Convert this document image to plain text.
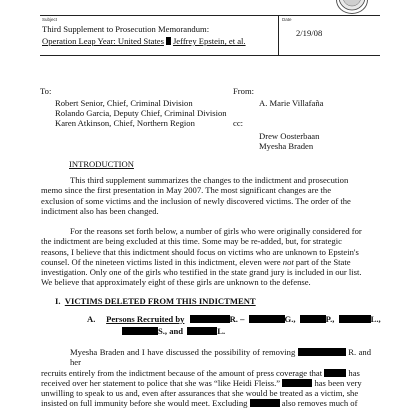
Subject
Third Supplement to Prosecution Memorandum:
Operation Leap Year: United States Jeffrey Epstein, et al.
Date
2/19/08
To:
Robert Senior, Chief, Criminal Division
Rolando Garcia, Deputy Chief, Criminal Division
Karen Atkinson, Chief, Northern Region
From:
A. Marie Villafaña
cc:
Drew Oosterbaan
Myesha Braden
INTRODUCTION
This third supplement summarizes the changes to the indictment and prosecution
memo since the first presentation in May 2007. The most significant changes are the
exclusion of some victims and the inclusion of newly discovered victims. The order of the
indictment also has been changed.
For the reasons set forth below, a number of girls who were originally considered for
the indictment are being excluded at this time. Some may be re-added, but, for strategic
reasons, I believe that this indictment should focus on victims who are unknown to Epstein's
counsel. Of the nineteen victims listed in this indictment, eleven were not part of the State
investigation. Only one of the girls who testified in the state grand jury is included in our list.
We believe that approximately eight of these girls are unknown to the defense.
I. VICTIMS DELETED FROM THIS INDICTMENT
A. Persons Recruited by	R. –	G.,	P.,	L.,
S., and	L.
Myesha Braden and I have discussed the possibility of removing	R. and her
recruits entirely from the indictment because of the amount of press coverage that	has
received over her statement to police that she was “like Heidi Fleiss.”	has been very
unwilling to speak to us and, even after assurances that she would be treated as a victim, she
insisted on full immunity before she would meet. Excluding	also removes much of
